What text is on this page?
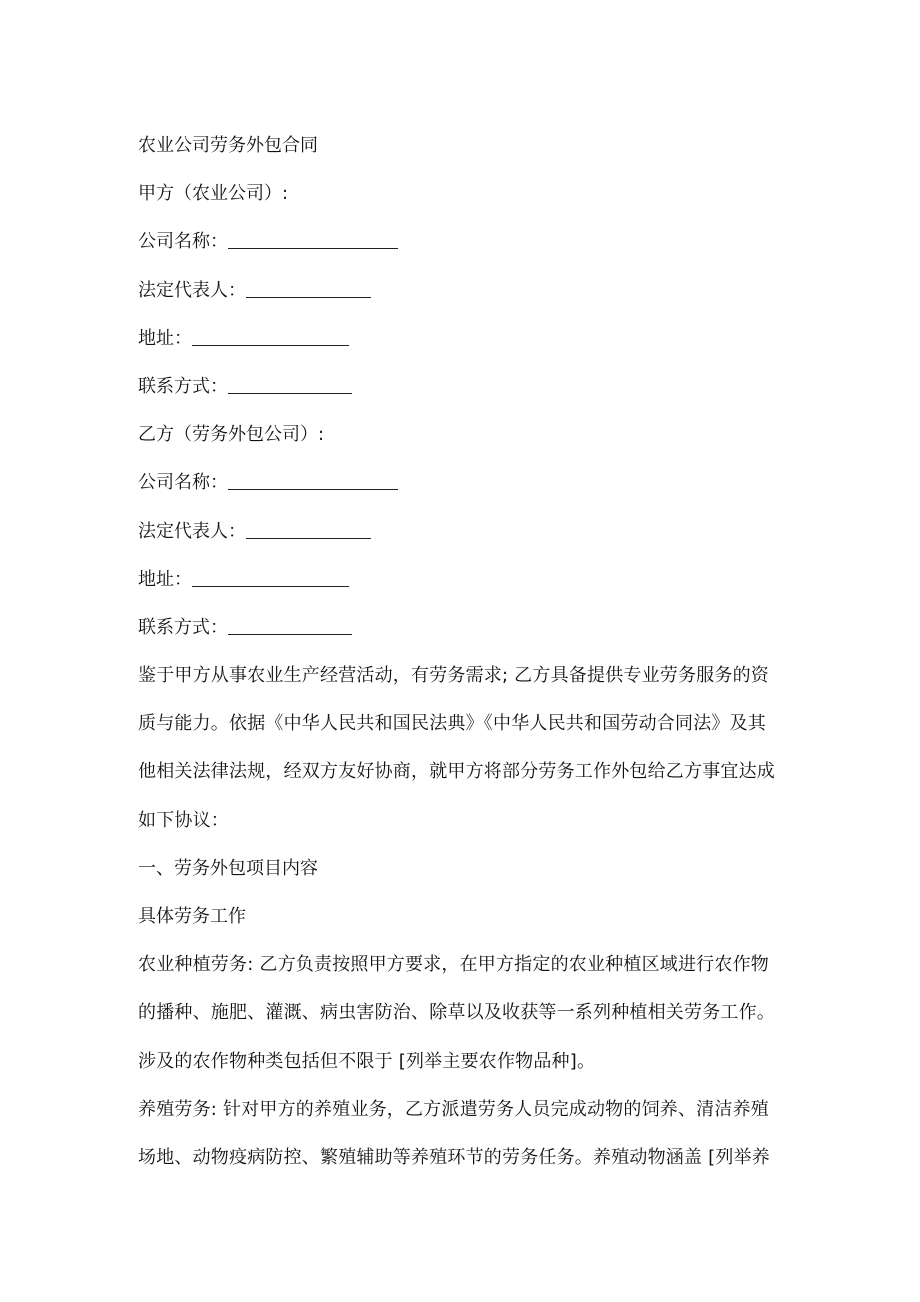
农业公司劳务外包合同
甲方（农业公司）:
公司名称：
法定代表人：
地址：
联系方式：
乙方（劳务外包公司）:
公司名称：
法定代表人：
地址：
联系方式：
鉴于甲方从事农业生产经营活动，有劳务需求; 乙方具备提供专业劳务服务的资
质与能力。依据《中华人民共和国民法典》《中华人民共和国劳动合同法》及其
他相关法律法规，经双方友好协商，就甲方将部分劳务工作外包给乙方事宜达成
如下协议：
一、劳务外包项目内容
具体劳务工作
农业种植劳务: 乙方负责按照甲方要求，在甲方指定的农业种植区域进行农作物
的播种、施肥、灌溉、病虫害防治、除草以及收获等一系列种植相关劳务工作。
涉及的农作物种类包括但不限于 [列举主要农作物品种]。
养殖劳务: 针对甲方的养殖业务，乙方派遣劳务人员完成动物的饲养、清洁养殖
场地、动物疫病防控、繁殖辅助等养殖环节的劳务任务。养殖动物涵盖 [列举养
